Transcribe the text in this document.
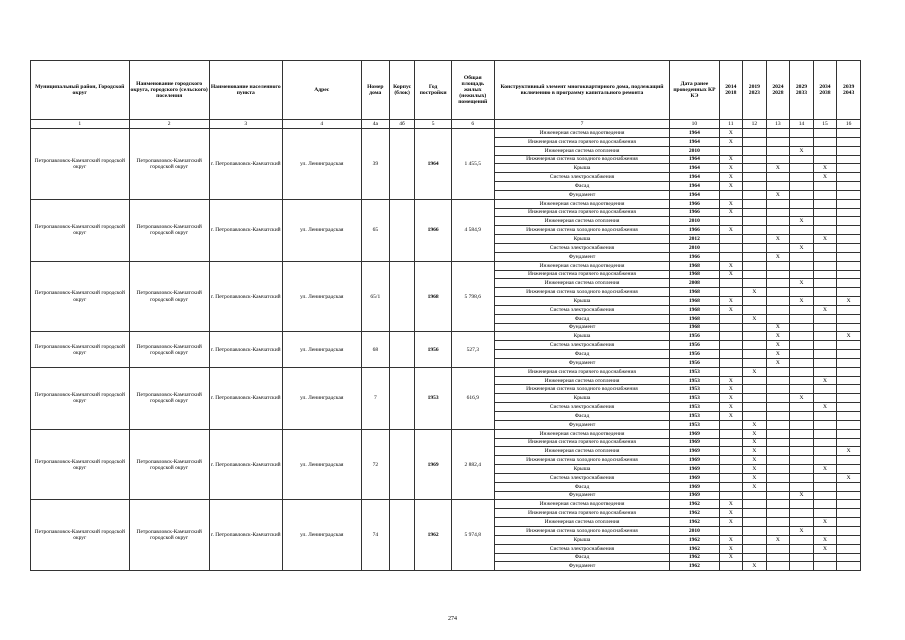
Муниципальный район, Городской округ	Наименование городского округа, городского (сельского) поселения	Наименование населенного пункта	Адрес	Номер дома	Корпус (блок)	Год постройки	Общая площадь жилых (нежилых) помещений	Конструктивный элемент многоквартирного дома, подлежащий включению в программу капитального ремонта	Дата ранее проведенных КР КЭ	2014 2018	2019 2023	2024 2028	2029 2033	2034 2038	2039 2043
1	2	3	4	4а	4б	5	6	7	10	11	12	13	14	15	16
Петропавловск-Камчатский городской округ	Петропавловск-Камчатский городской округ	г. Петропавловск-Камчатский	ул. Ленинградская	39		1964	1 455,5	Инженерная система водоотведения	1964	X					
								Инженерная система горячего водоснабжения	1964	X					
								Инженерная система отопления	2010				X		
								Инженерная система холодного водоснабжения	1964	X					
								Крыша	1964	X		X		X	
								Система электроснабжения	1964	X				X	
								Фасад	1964	X					
								Фундамент	1964			X			
Петропавловск-Камчатский городской округ	Петропавловск-Камчатский городской округ	г. Петропавловск-Камчатский	ул. Ленинградская	65		1966	4 584,9	Инженерная система водоотведения	1966	X					
								Инженерная система горячего водоснабжения	1966	X					
								Инженерная система отопления	2010				X		
								Инженерная система холодного водоснабжения	1966	X					
								Крыша	2012			X		X	
								Система электроснабжения	2010				X		
								Фундамент	1966			X			
Петропавловск-Камчатский городской округ	Петропавловск-Камчатский городской округ	г. Петропавловск-Камчатский	ул. Ленинградская	65/1		1968	5 798,6	Инженерная система водоотведения	1968	X					
								Инженерная система горячего водоснабжения	1968	X					
								Инженерная система отопления	2008				X		
								Инженерная система холодного водоснабжения	1968		X				
								Крыша	1968	X			X		X
								Система электроснабжения	1968	X				X	
								Фасад	1968		X				
								Фундамент	1968			X			
Петропавловск-Камчатский городской округ	Петропавловск-Камчатский городской округ	г. Петропавловск-Камчатский	ул. Ленинградская	68		1956	527,3	Крыша	1956			X			X
								Система электроснабжения	1956			X			
								Фасад	1956			X			
								Фундамент	1956			X			
Петропавловск-Камчатский городской округ	Петропавловск-Камчатский городской округ	г. Петропавловск-Камчатский	ул. Ленинградская	7		1953	616,9	Инженерная система горячего водоснабжения	1953		X				
								Инженерная система отопления	1953	X				X	
								Инженерная система холодного водоснабжения	1953	X					
								Крыша	1953	X			X		
								Система электроснабжения	1953	X				X	
								Фасад	1953	X					
								Фундамент	1953		X				
Петропавловск-Камчатский городской округ	Петропавловск-Камчатский городской округ	г. Петропавловск-Камчатский	ул. Ленинградская	72		1969	2 882,4	Инженерная система водоотведения	1969		X				
								Инженерная система горячего водоснабжения	1969		X				
								Инженерная система отопления	1969		X				X
								Инженерная система холодного водоснабжения	1969		X				
								Крыша	1969		X			X	
								Система электроснабжения	1969		X				X
								Фасад	1969		X				
								Фундамент	1969				X		
Петропавловск-Камчатский городской округ	Петропавловск-Камчатский городской округ	г. Петропавловск-Камчатский	ул. Ленинградская	74		1962	5 974,8	Инженерная система водоотведения	1962	X					
								Инженерная система горячего водоснабжения	1962	X					
								Инженерная система отопления	1962	X				X	
								Инженерная система холодного водоснабжения	2010				X		
								Крыша	1962	X		X		X	
								Система электроснабжения	1962	X				X	
								Фасад	1962	X					
								Фундамент	1962		X				
274
